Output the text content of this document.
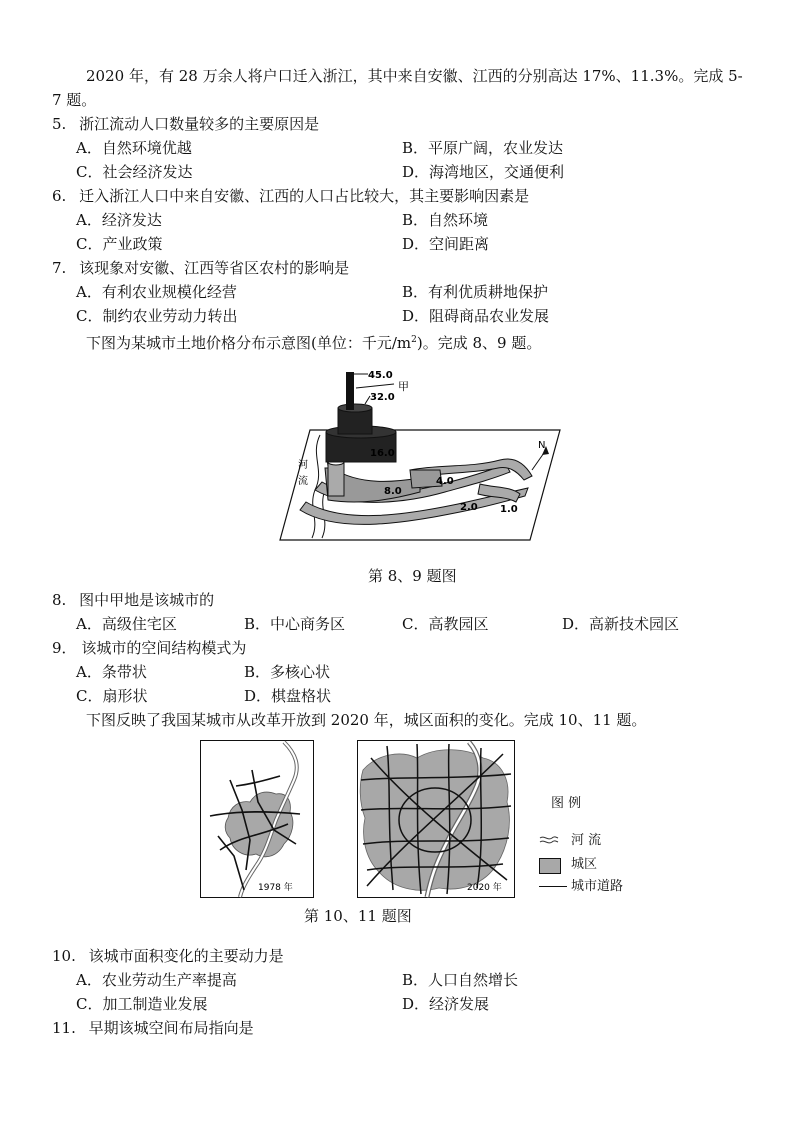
2020 年，有 28 万余人将户口迁入浙江，其中来自安徽、江西的分别高达 17%、11.3%。完成 5-
7 题。
5. 浙江流动人口数量较多的主要原因是
A．自然环境优越	B．平原广阔，农业发达
C．社会经济发达	D．海湾地区，交通便利
6. 迁入浙江人口中来自安徽、江西的人口占比较大，其主要影响因素是
A．经济发达	B．自然环境
C．产业政策	D．空间距离
7. 该现象对安徽、江西等省区农村的影响是
A．有利农业规模化经营	B．有利优质耕地保护
C．制约农业劳动力转出	D．阻碍商品农业发展
下图为某城市土地价格分布示意图(单位：千元$/m^2$)。完成 8、9 题。
45.0
甲
32.0
16.0
8.0
4.0
2.0 1.0
河
流
N
第 8、9 题图
8. 图中甲地是该城市的
A．高级住宅区	B．中心商务区	C．高教园区	D．高新技术园区
9． 该城市的空间结构模式为
A．条带状	B．多核心状
C．扇形状	D．棋盘格状
下图反映了我国某城市从改革开放到 2020 年，城区面积的变化。完成 10、11 题。
1978 年	2020 年
图 例
河 流
城区
城市道路
第 10、11 题图
10. 该城市面积变化的主要动力是
A．农业劳动生产率提高	B．人口自然增长
C．加工制造业发展	D．经济发展
11. 早期该城空间布局指向是
